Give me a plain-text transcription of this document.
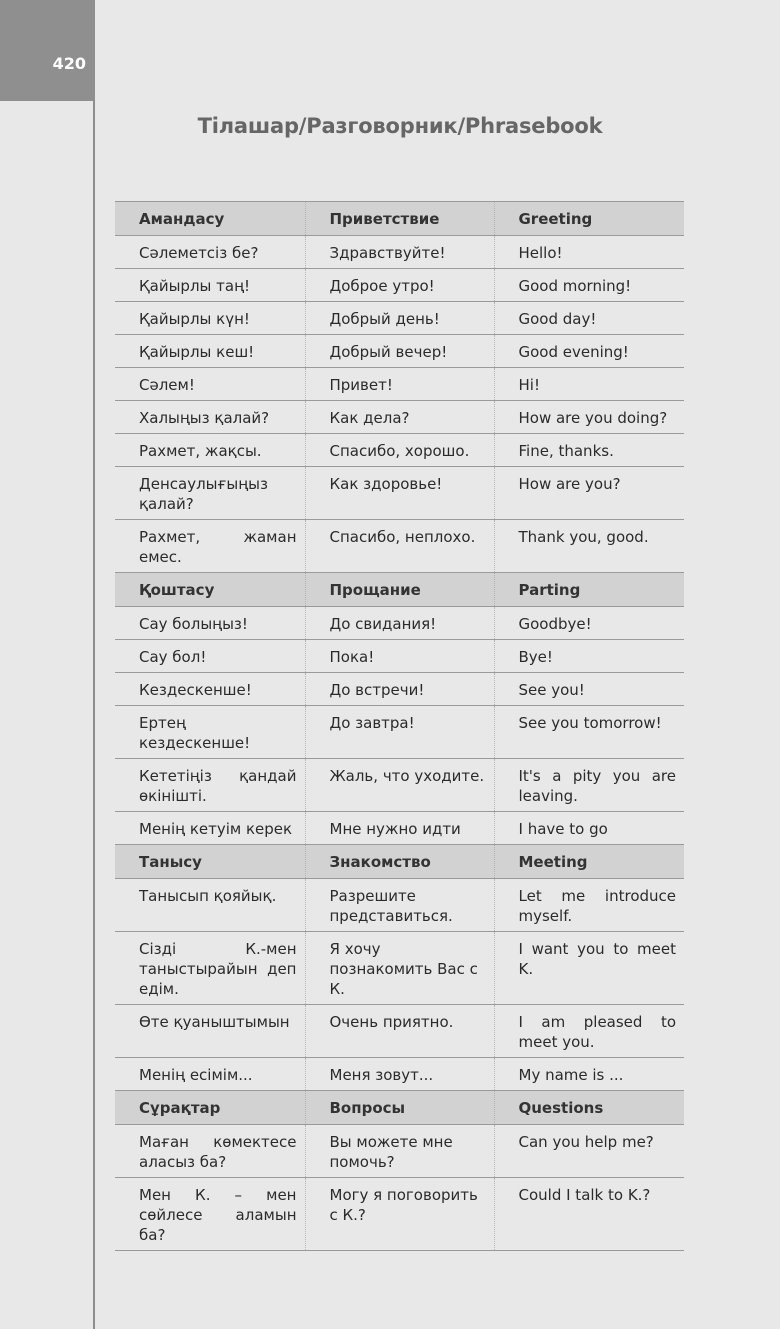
420
Тілашар/Разговорник/Phrasebook
Амандасу	Приветствие	Greeting
Сәлеметсіз бе?	Здравствуйте!	Hello!
Қайырлы таң!	Доброе утро!	Good morning!
Қайырлы күн!	Добрый день!	Good day!
Қайырлы кеш!	Добрый вечер!	Good evening!
Сәлем!	Привет!	Hi!
Халыңыз қалай?	Как дела?	How are you doing?
Рахмет, жақсы.	Спасибо, хорошо.	Fine, thanks.
Денсаулығыңыз қалай?	Как здоровье!	How are you?
Рахмет, жаман емес.	Спасибо, неплохо.	Thank you, good.
Қоштасу	Прощание	Parting
Сау болыңыз!	До свидания!	Goodbye!
Сау бол!	Пока!	Bye!
Кездескенше!	До встречи!	See you!
Ертең кездескенше!	До завтра!	See you tomorrow!
Кететіңіз қандай өкінішті.	Жаль, что уходите.	It's a pity you are leaving.
Менің кетуім керек	Мне нужно идти	I have to go
Танысу	Знакомство	Meeting
Танысып қояйық.	Разрешите представиться.	Let me introduce myself.
Сізді К.-мен таныстырайын деп едім.	Я хочу познакомить Вас с К.	I want you to meet K.
Өте қуаныштымын	Очень приятно.	I am pleased to meet you.
Менің есімім...	Меня зовут...	My name is ...
Сұрақтар	Вопросы	Questions
Маған көмектесе аласыз ба?	Вы можете мне помочь?	Can you help me?
Мен К. – мен сөйлесе аламын ба?	Могу я поговорить с К.?	Could I talk to K.?
